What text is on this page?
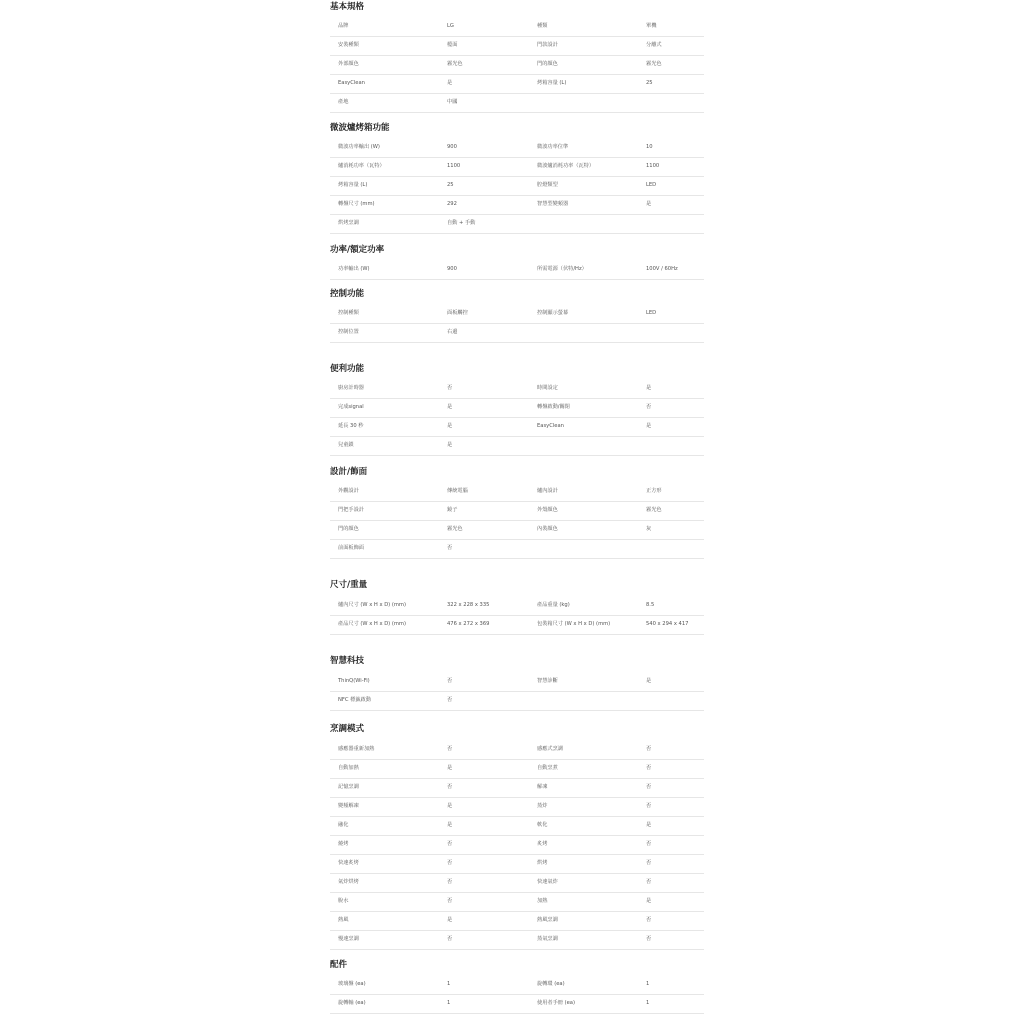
基本規格
品牌	LG	種類	單機
安裝種類	檯面	門款設計	分離式
外部顏色	霧光色	門的顏色	霧光色
EasyClean	是	烤箱容量 (L)	25
產地	中國
微波爐烤箱功能
微波功率輸出 (W)	900	微波功率位準	10
爐消耗功率（瓦特）	1100	微波爐消耗功率（瓦特）	1100
烤箱容量 (L)	25	腔燈類型	LED
轉盤尺寸 (mm)	292	智慧型變頻器	是
烘烤烹調	自動 + 手動
功率/額定功率
功率輸出 (W)	900	所需電源（伏特/Hz）	100V / 60Hz
控制功能
控制種類	面板觸控	控制顯示螢幕	LED
控制位置	右邊
便利功能
廚房計時器	否	時間設定	是
完成signal	是	轉盤啟動/關閉	否
延長 30 秒	是	EasyClean	是
兒童鎖	是
設計/飾面
外觀設計	傳統電腦	爐內設計	正方形
門把手設計	鏡子	外殼顏色	霧光色
門的顏色	霧光色	內裝顏色	灰
前面板飾面	否
尺寸/重量
爐內尺寸 (W x H x D) (mm)	322 x 228 x 335	產品重量 (kg)	8.5
產品尺寸 (W x H x D) (mm)	476 x 272 x 369	包裝箱尺寸 (W x H x D) (mm)	540 x 294 x 417
智慧科技
ThinQ(Wi-Fi)	否	智慧診斷	是
NFC 標籤啟動	否
烹調模式
感應器重新加熱	否	感應式烹調	否
自動加熱	是	自動烹煮	否
記憶烹調	否	解凍	否
變頻解凍	是	蒸炸	否
融化	是	軟化	是
燒烤	否	炙烤	否
快速炙烤	否	烘烤	否
氣炸烘烤	否	快速氣炸	否
脫水	否	加熱	是
熱風	是	熱風烹調	否
慢速烹調	否	蒸氣烹調	否
配件
玻璃盤 (ea)	1	旋轉環 (ea)	1
旋轉軸 (ea)	1	使用者手冊 (ea)	1
